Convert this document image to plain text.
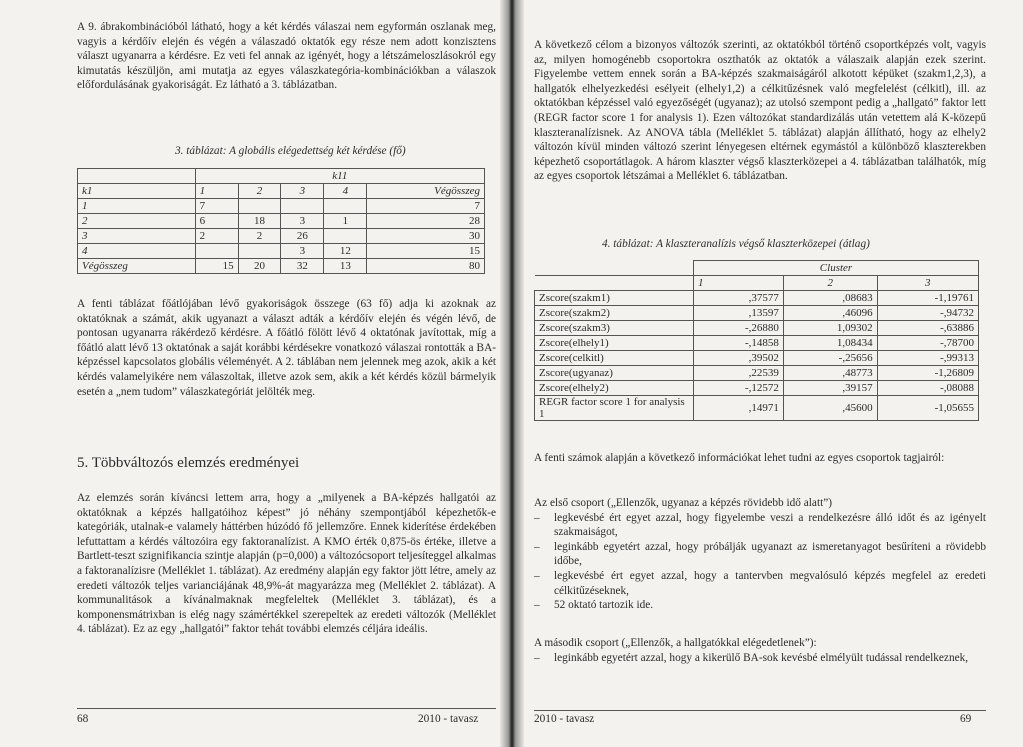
A 9. ábrakombinációból látható, hogy a két kérdés válaszai nem egyformán oszlanak meg, vagyis a kérdőív elején és végén a válaszadó oktatók egy része nem adott konzisztens választ ugyanarra a kérdésre. Ez veti fel annak az igényét, hogy a létszámeloszlásokról egy kimutatás készüljön, ami mutatja az egyes válaszkategória-kombinációkban a válaszok előfordulásának gyakoriságát. Ez látható a 3. táblázatban.

3. táblázat: A globális elégedettség két kérdése (fő)
	k11				
k1	1	2	3	4	Végösszeg
1	7				7
2	6	18	3	1	28
3	2	2	26		30
4			3	12	15
Végösszeg	15	20	32	13	80

A fenti táblázat főátlójában lévő gyakoriságok összege (63 fő) adja ki azoknak az oktatóknak a számát, akik ugyanazt a választ adták a kérdőív elején és végén lévő, de pontosan ugyanarra rákérdező kérdésre. A főátló fölött lévő 4 oktatónak javítottak, míg a főátló alatt lévő 13 oktatónak a saját korábbi kérdésekre vonatkozó válaszai rontották a BA-képzéssel kapcsolatos globális véleményét. A 2. táblában nem jelennek meg azok, akik a két kérdés valamelyikére nem válaszoltak, illetve azok sem, akik a két kérdés közül bármelyik esetén a „nem tudom” válaszkategóriát jelölték meg.

5. Többváltozós elemzés eredményei

Az elemzés során kíváncsi lettem arra, hogy a „milyenek a BA-képzés hallgatói az oktatóknak a képzés hallgatóihoz képest” jó néhány szempontjából képezhetők-e kategóriák, utalnak-e valamely háttérben húzódó fő jellemzőre. Ennek kiderítése érdekében lefuttattam a kérdés változóira egy faktoranalízist. A KMO érték 0,875-ös értéke, illetve a Bartlett-teszt szignifikancia szintje alapján (p=0,000) a változócsoport teljesíteggel alkalmas a faktoranalízisre (Melléklet 1. táblázat). Az eredmény alapján egy faktor jött létre, amely az eredeti változók teljes varianciájának 48,9%-át magyarázza meg (Melléklet 2. táblázat). A kommunalitások a kívánalmaknak megfeleltek (Melléklet 3. táblázat), és a komponensmátrixban is elég nagy számértékkel szerepeltek az eredeti változók (Melléklet 4. táblázat). Ez az egy „hallgatói” faktor tehát további elemzés céljára ideális.

68	2010 - tavasz

A következő célom a bizonyos változók szerinti, az oktatókból történő csoportképzés volt, vagyis az, milyen homogénebb csoportokra oszthatók az oktatók a válaszaik alapján ezek szerint. Figyelembe vettem ennek során a BA-képzés szakmaiságáról alkotott képüket (szakm1,2,3), a hallgatók elhelyezkedési esélyeit (elhely1,2) a célkitűzésnek való megfelelést (célkitl), ill. az oktatókban képzéssel való egyezőségét (ugyanaz); az utolsó szempont pedig a „hallgató” faktor lett (REGR factor score 1 for analysis 1). Ezen változókat standardizálás után vetettem alá K-közepű klaszteranalízisnek. Az ANOVA tábla (Melléklet 5. táblázat) alapján állítható, hogy az elhely2 változón kívül minden változó szerint lényegesen eltérnek egymástól a különböző klaszterekben képezhető csoportátlagok. A három klaszter végső klaszterközepei a 4. táblázatban találhatók, míg az egyes csoportok létszámai a Melléklet 6. táblázatban.

4. táblázat: A klaszteranalízis végső klaszterközepei (átlag)
	Cluster		
	1	2	3
Zscore(szakm1)	,37577	,08683	-1,19761
Zscore(szakm2)	,13597	,46096	-,94732
Zscore(szakm3)	-,26880	1,09302	-,63886
Zscore(elhely1)	-,14858	1,08434	-,78700
Zscore(celkitl)	,39502	-,25656	-,99313
Zscore(ugyanaz)	,22539	,48773	-1,26809
Zscore(elhely2)	-,12572	,39157	-,08088
REGR factor score 1 for analysis 1	,14971	,45600	-1,05655

A fenti számok alapján a következő információkat lehet tudni az egyes csoportok tagjairól:

Az első csoport („Ellenzők, ugyanaz a képzés rövidebb idő alatt”)

– legkevésbé ért egyet azzal, hogy figyelembe veszi a rendelkezésre álló időt és az igényelt szakmaiságot,
– leginkább egyetért azzal, hogy próbálják ugyanazt az ismeretanyagot besűríteni a rövidebb időbe,
– legkevésbé ért egyet azzal, hogy a tantervben megvalósuló képzés megfelel az eredeti célkitűzéseknek,
– 52 oktató tartozik ide.

A második csoport („Ellenzők, a hallgatókkal elégedetlenek”):

– leginkább egyetért azzal, hogy a kikerülő BA-sok kevésbé elmélyült tudással rendelkeznek,
2010 - tavasz	69
